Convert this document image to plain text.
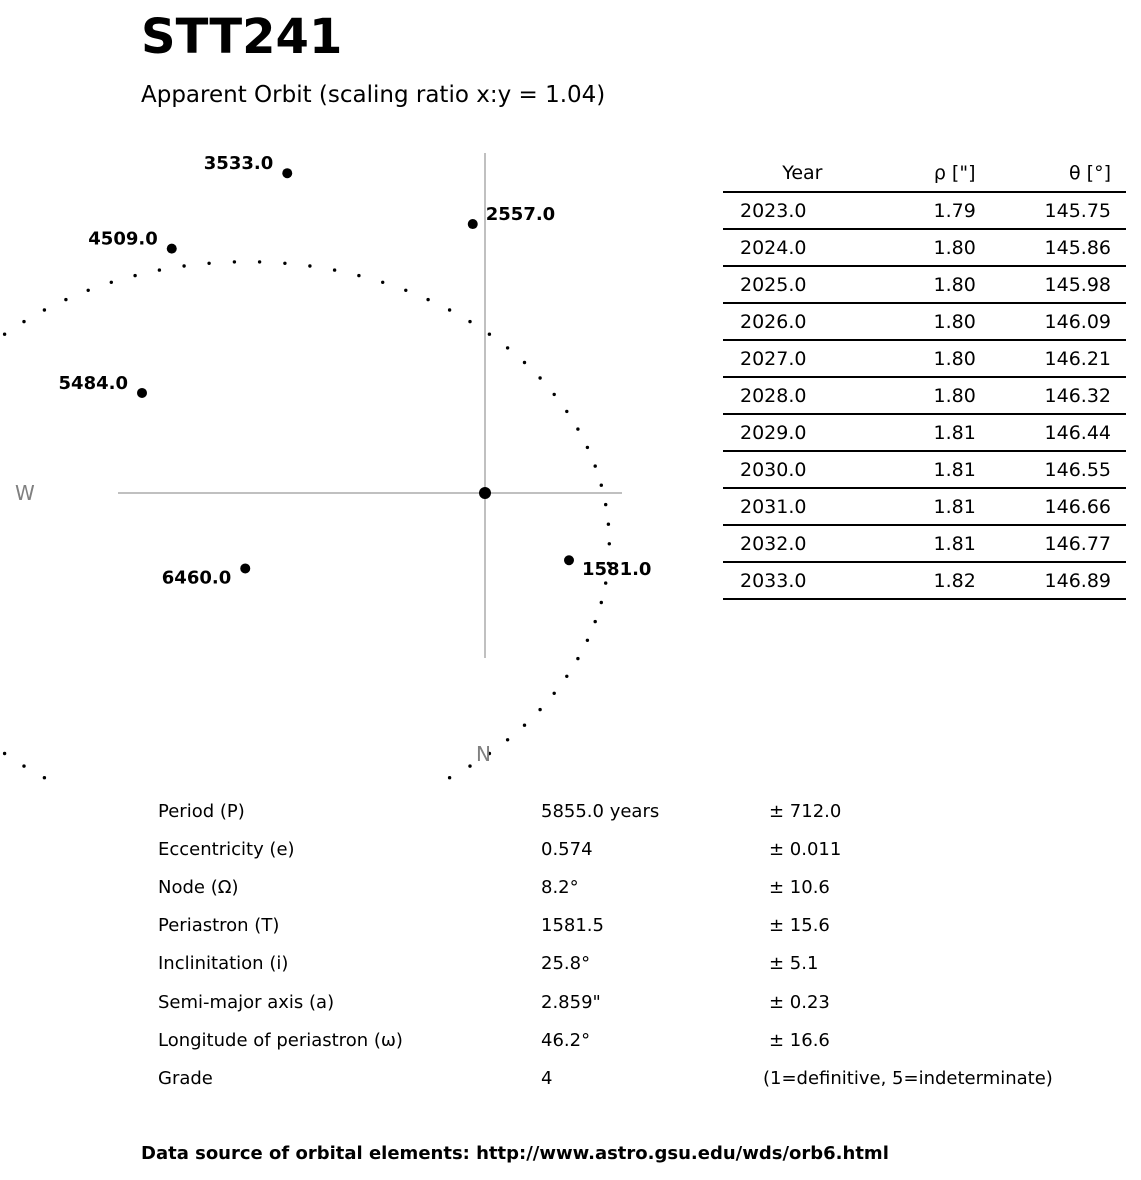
STT241
Apparent Orbit (scaling ratio x:y = 1.04)
1581.0
2557.0
3533.0
4509.0
5484.0
6460.0
W
N
Year	ρ ["]	θ [°]
2023.0	1.79	145.75
2024.0	1.80	145.86
2025.0	1.80	145.98
2026.0	1.80	146.09
2027.0	1.80	146.21
2028.0	1.80	146.32
2029.0	1.81	146.44
2030.0	1.81	146.55
2031.0	1.81	146.66
2032.0	1.81	146.77
2033.0	1.82	146.89
Period (P)	5855.0 years	± 712.0
Eccentricity (e)	0.574	± 0.011
Node (Ω)	8.2°	± 10.6
Periastron (T)	1581.5	± 15.6
Inclinitation (i)	25.8°	± 5.1
Semi-major axis (a)	2.859"	± 0.23
Longitude of periastron (ω)	46.2°	± 16.6
Grade	4	(1=definitive, 5=indeterminate)
Data source of orbital elements: http://www.astro.gsu.edu/wds/orb6.html
